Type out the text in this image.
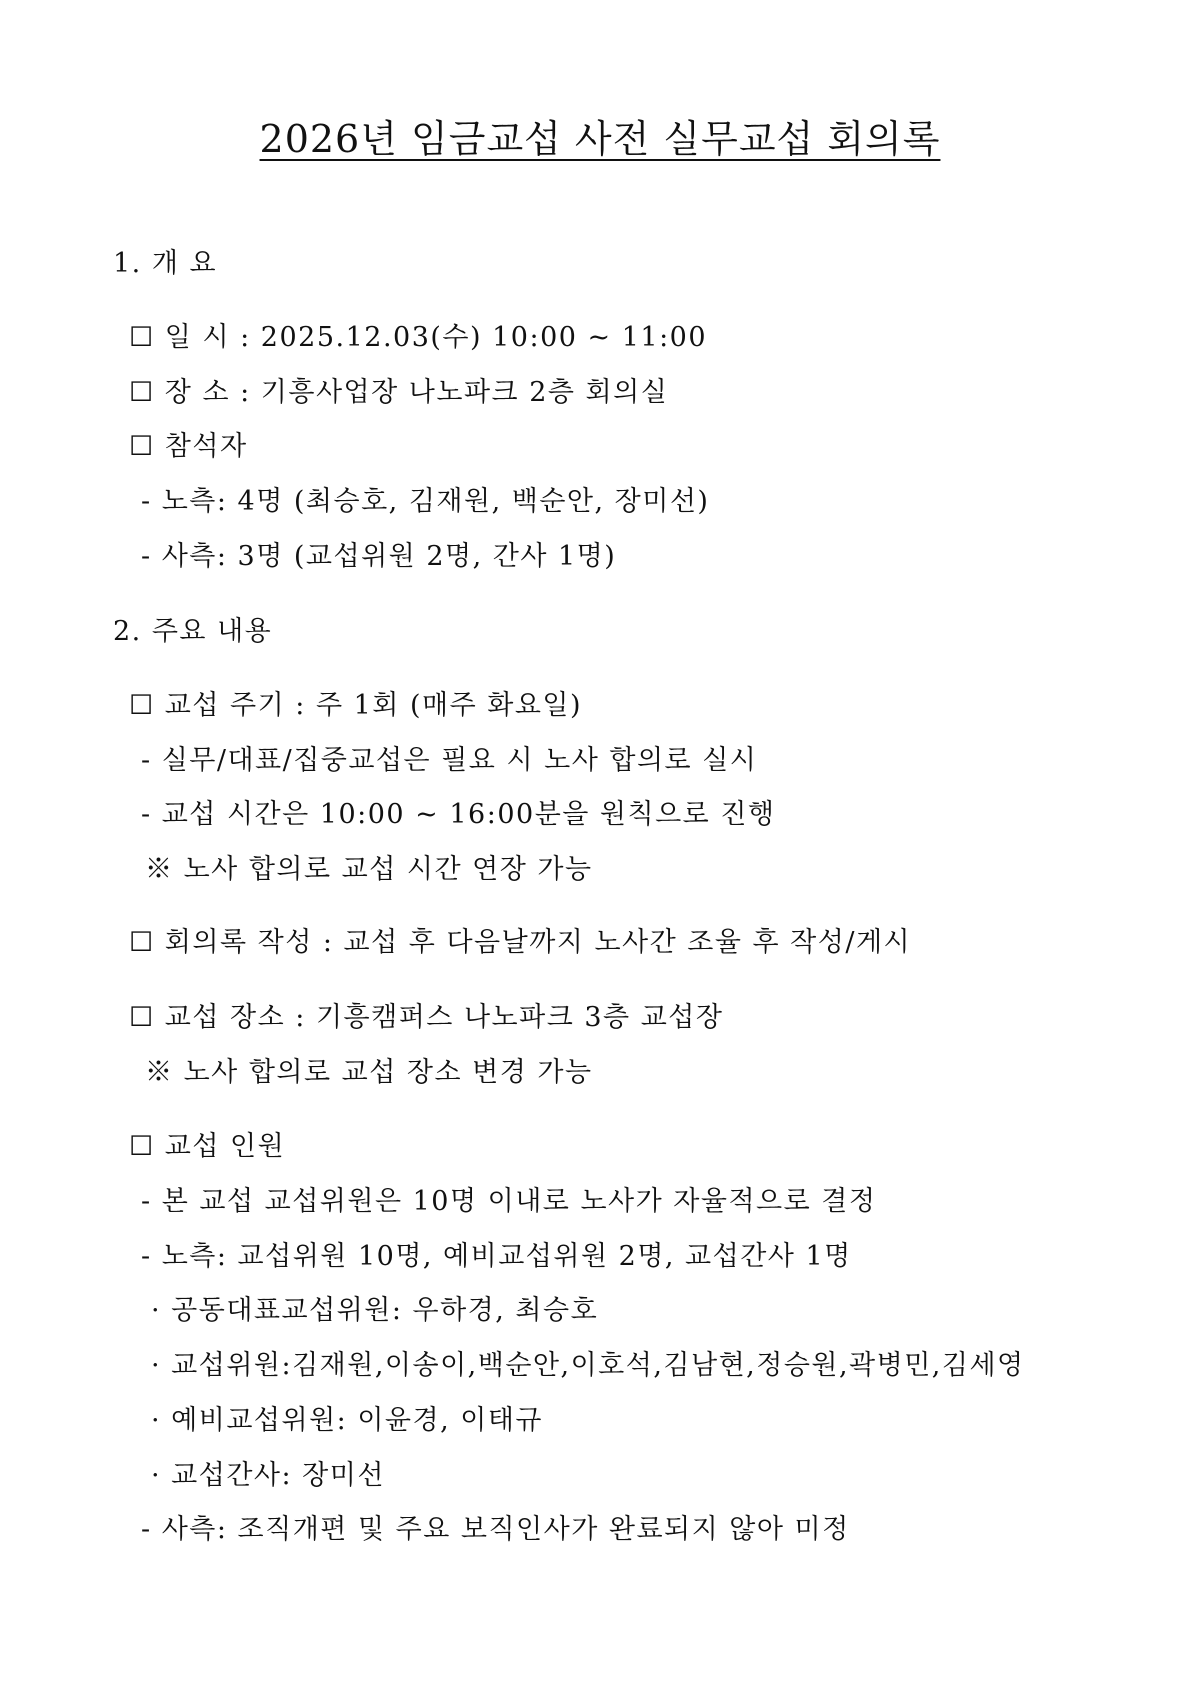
2026년 임금교섭 사전 실무교섭 회의록
1. 개 요
☐ 일 시 : 2025.12.03(수) 10:00 ~ 11:00
☐ 장 소 : 기흥사업장 나노파크 2층 회의실
☐ 참석자
- 노측: 4명 (최승호, 김재원, 백순안, 장미선)
- 사측: 3명 (교섭위원 2명, 간사 1명)
2. 주요 내용
☐ 교섭 주기 : 주 1회 (매주 화요일)
- 실무/대표/집중교섭은 필요 시 노사 합의로 실시
- 교섭 시간은 10:00 ~ 16:00분을 원칙으로 진행
※ 노사 합의로 교섭 시간 연장 가능
☐ 회의록 작성 : 교섭 후 다음날까지 노사간 조율 후 작성/게시
☐ 교섭 장소 : 기흥캠퍼스 나노파크 3층 교섭장
※ 노사 합의로 교섭 장소 변경 가능
☐ 교섭 인원
- 본 교섭 교섭위원은 10명 이내로 노사가 자율적으로 결정
- 노측: 교섭위원 10명, 예비교섭위원 2명, 교섭간사 1명
· 공동대표교섭위원: 우하경, 최승호
· 교섭위원:김재원,이송이,백순안,이호석,김남현,정승원,곽병민,김세영
· 예비교섭위원: 이윤경, 이태규
· 교섭간사: 장미선
- 사측: 조직개편 및 주요 보직인사가 완료되지 않아 미정
